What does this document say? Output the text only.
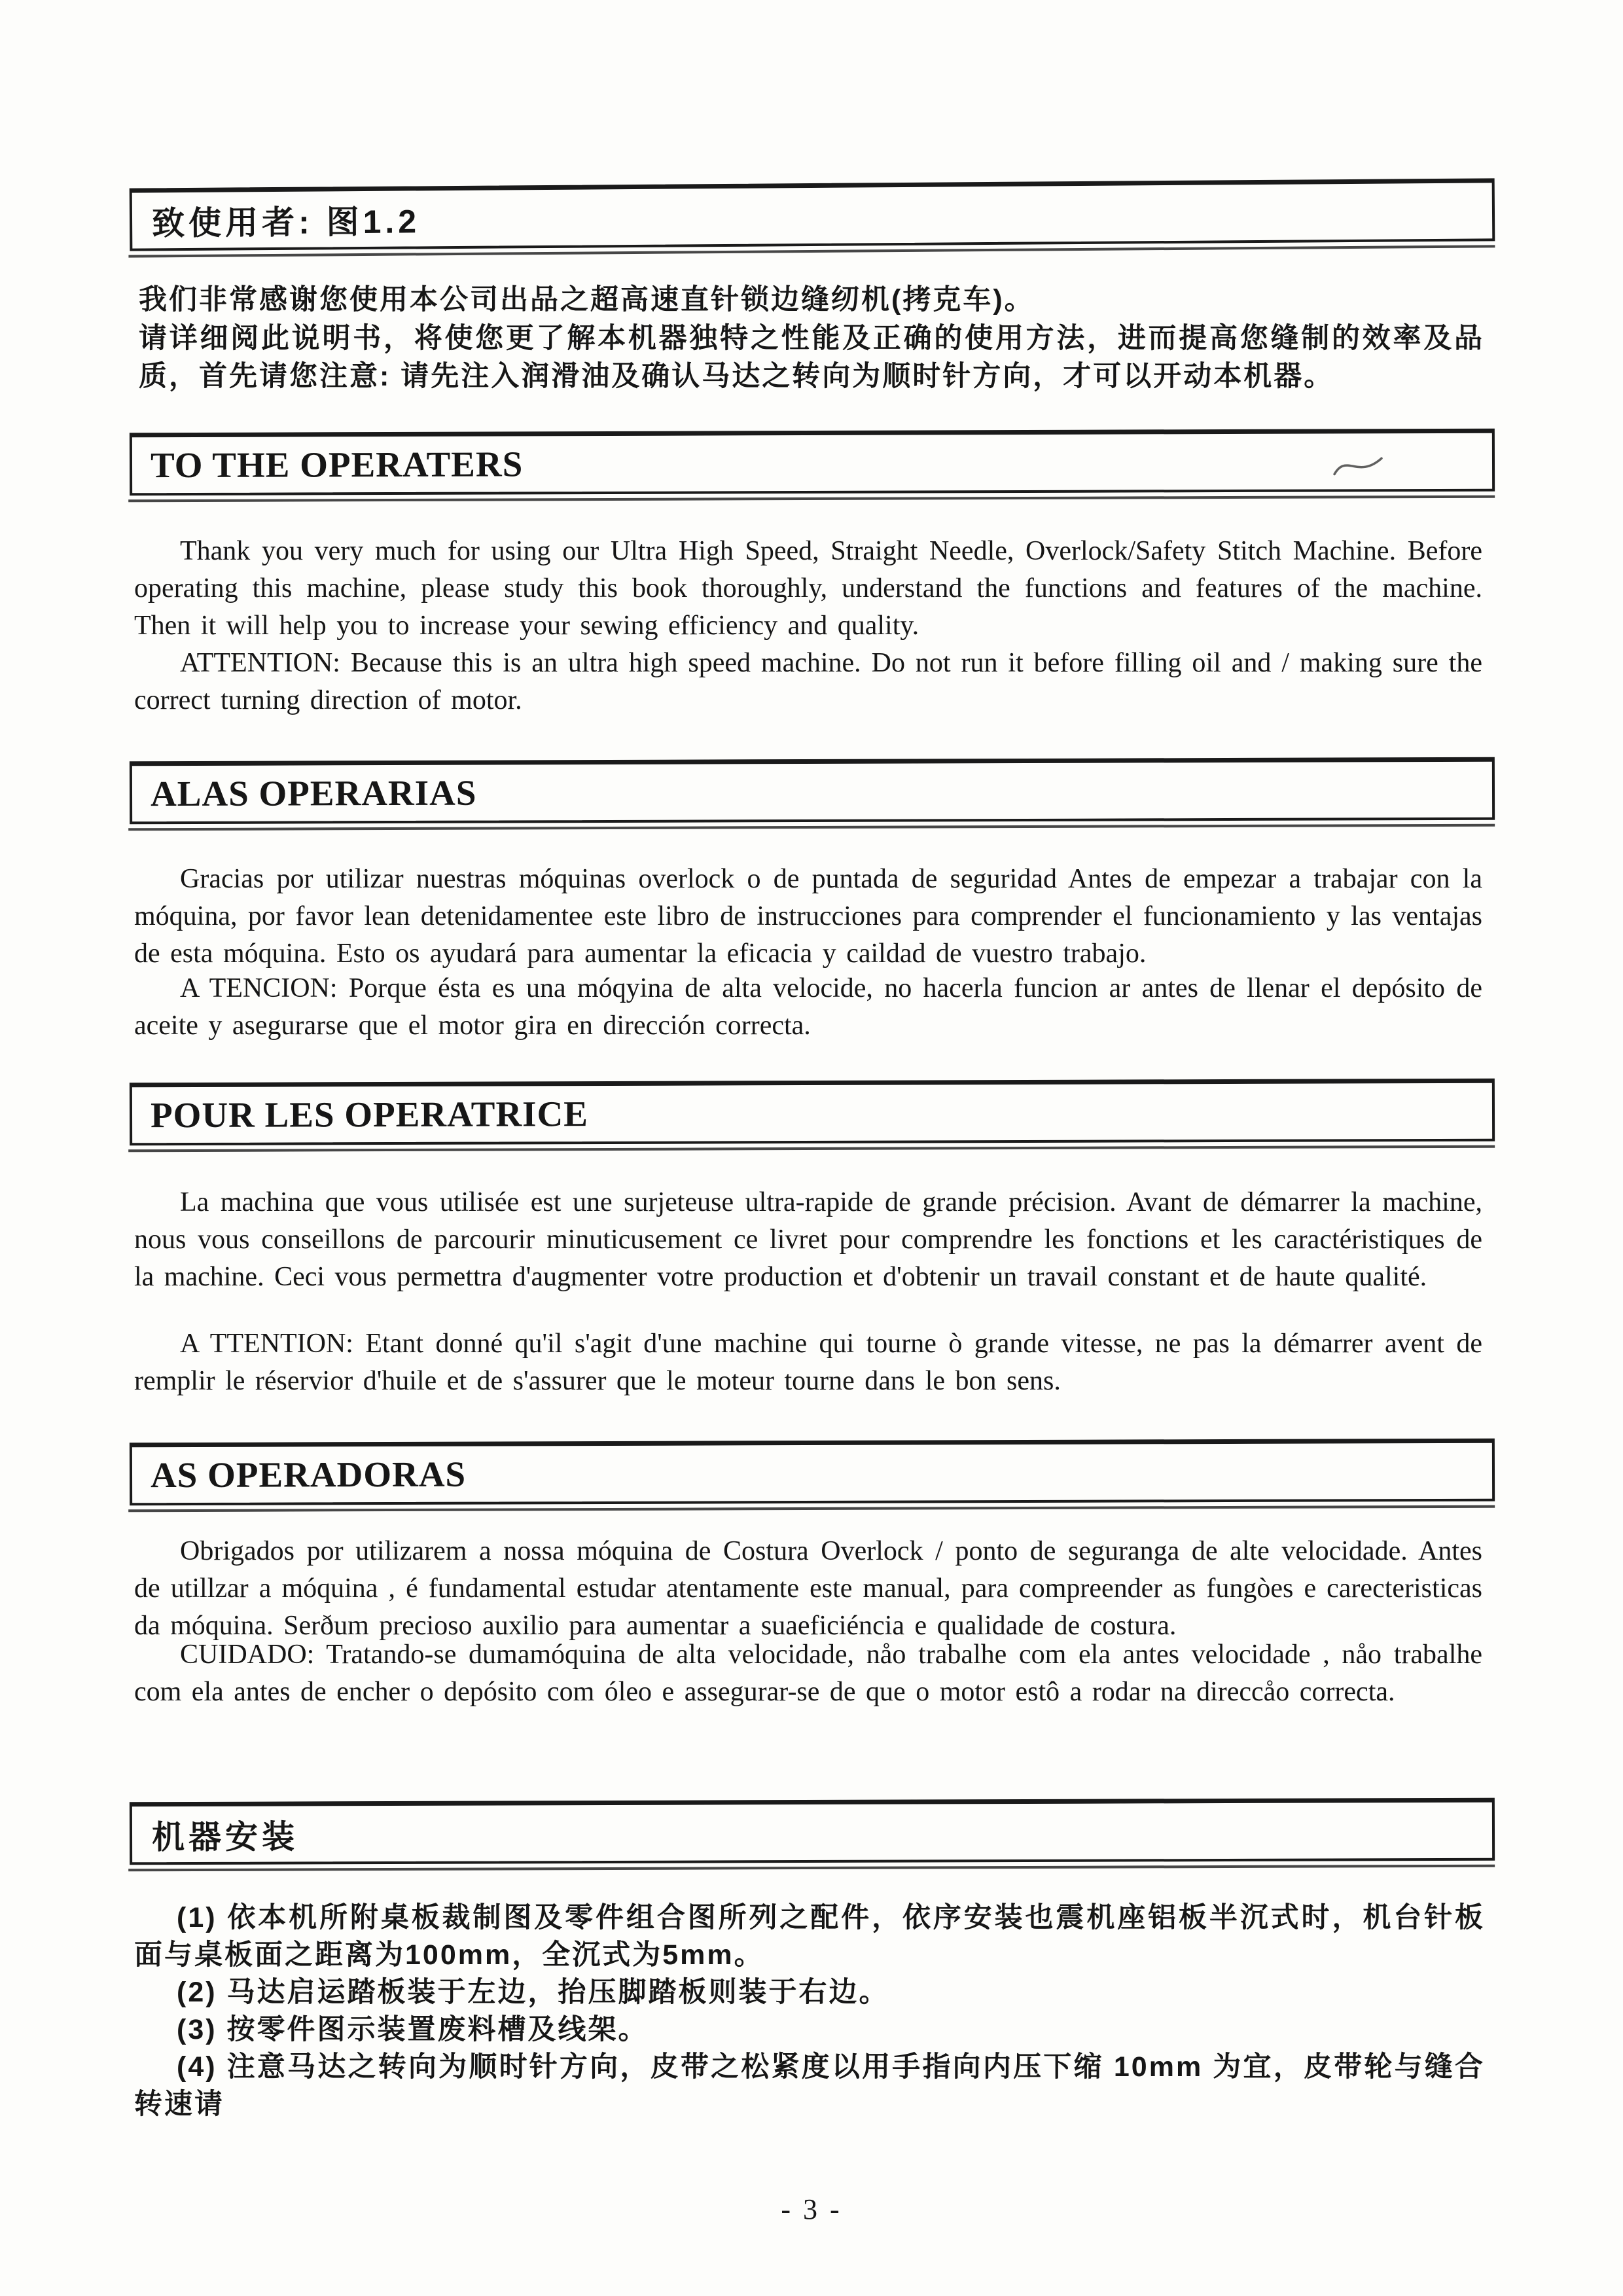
致使用者: 图1.2
我们非常感谢您使用本公司出品之超高速直针锁边缝纫机(拷克车)。
请详细阅此说明书，将使您更了解本机器独特之性能及正确的使用方法，进而提高您缝制的效率及品质，首先请您注意: 请先注入润滑油及确认马达之转向为顺时针方向，才可以开动本机器。
TO THE OPERATERS
Thank you very much for using our Ultra High Speed, Straight Needle, Overlock/Safety Stitch Machine. Before operating this machine, please study this book thoroughly, understand the functions and features of the machine. Then it will help you to increase your sewing efficiency and quality.
ATTENTION: Because this is an ultra high speed machine. Do not run it before filling oil and / making sure the correct turning direction of motor.
ALAS OPERARIAS
Gracias por utilizar nuestras móquinas overlock o de puntada de seguridad Antes de empezar a trabajar con la móquina, por favor lean detenidamentee este libro de instrucciones para comprender el funcionamiento y las ventajas de esta móquina. Esto os ayudará para aumentar la eficacia y caildad de vuestro trabajo.
A TENCION: Porque ésta es una móqyina de alta velocide, no hacerla funcion ar antes de llenar el depósito de aceite y asegurarse que el motor gira en dirección correcta.
POUR LES OPERATRICE
La machina que vous utilisée est une surjeteuse ultra-rapide de grande précision. Avant de démarrer la machine, nous vous conseillons de parcourir minuticusement ce livret pour comprendre les fonctions et les caractéristiques de la machine. Ceci vous permettra d'augmenter votre production et d'obtenir un travail constant et de haute qualité.
A TTENTION: Etant donné qu'il s'agit d'une machine qui tourne ò grande vitesse, ne pas la démarrer avent de remplir le réservior d'huile et de s'assurer que le moteur tourne dans le bon sens.
AS OPERADORAS
Obrigados por utilizarem a nossa móquina de Costura Overlock / ponto de seguranga de alte velocidade. Antes de utillzar a móquina , é fundamental estudar atentamente este manual, para compreender as fungòes e carecteristicas da móquina. Serðum precioso auxilio para aumentar a suaeficiéncia e qualidade de costura.
CUIDADO: Tratando-se dumamóquina de alta velocidade, nåo trabalhe com ela antes velocidade , nåo trabalhe com ela antes de encher o depósito com óleo e assegurar-se de que o motor estô a rodar na direccåo correcta.
机器安装
(1) 依本机所附桌板裁制图及零件组合图所列之配件，依序安装也震机座铝板半沉式时，机台针板面与桌板面之距离为100mm，全沉式为5mm。
(2) 马达启运踏板装于左边，抬压脚踏板则装于右边。
(3) 按零件图示装置废料槽及线架。
(4) 注意马达之转向为顺时针方向，皮带之松紧度以用手指向内压下缩 10mm 为宜，皮带轮与缝合转速请
- 3 -
